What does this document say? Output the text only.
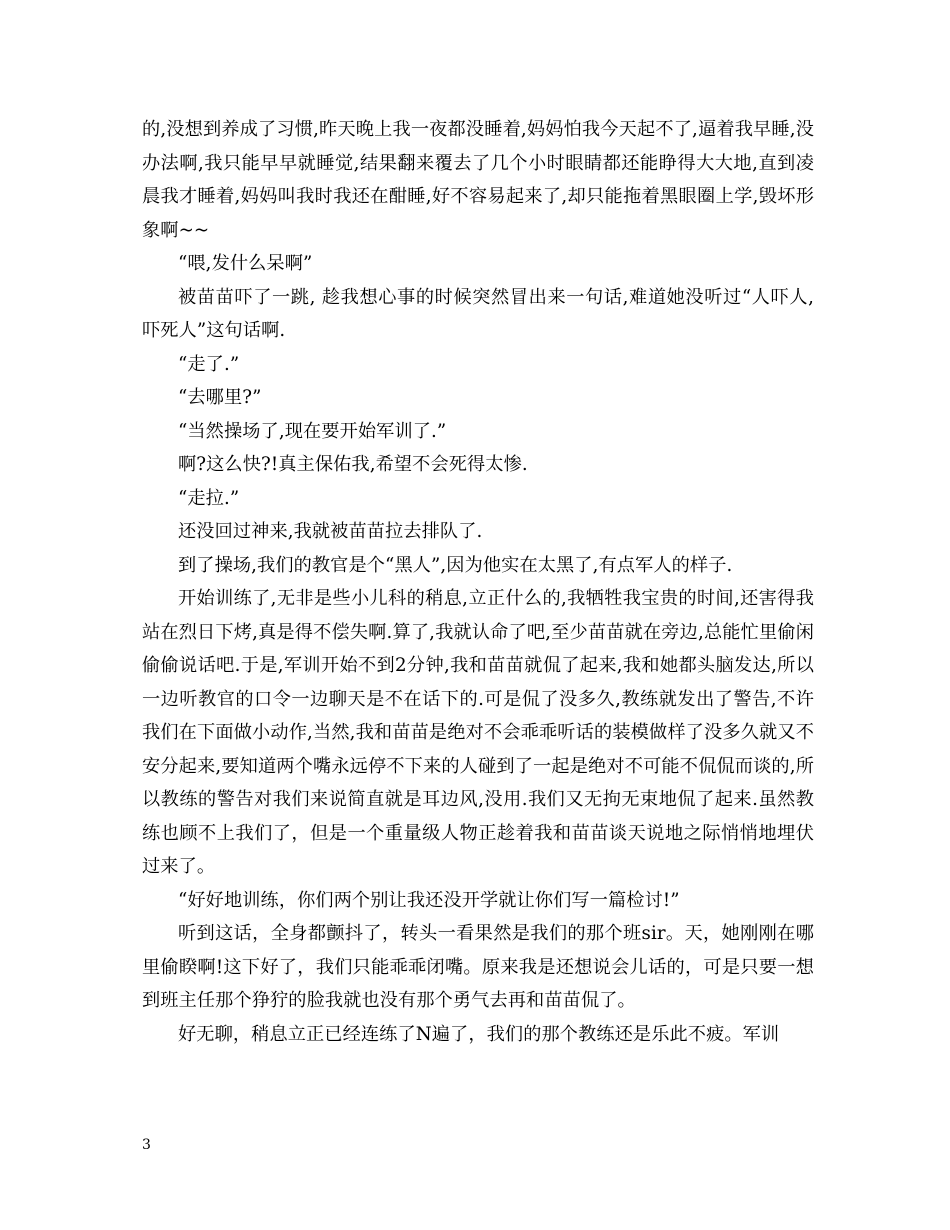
的,没想到养成了习惯,昨天晚上我一夜都没睡着,妈妈怕我今天起不了,逼着我早睡,没办法啊,我只能早早就睡觉,结果翻来覆去了几个小时眼睛都还能睁得大大地,直到凌晨我才睡着,妈妈叫我时我还在酣睡,好不容易起来了,却只能拖着黑眼圈上学,毁坏形象啊~~

“喂,发什么呆啊”

被苗苗吓了一跳, 趁我想心事的时候突然冒出来一句话,难道她没听过“人吓人,吓死人”这句话啊.

“走了.”

“去哪里?”

“当然操场了,现在要开始军训了.”

啊?这么快?!真主保佑我,希望不会死得太惨.

“走拉.”

还没回过神来,我就被苗苗拉去排队了.

到了操场,我们的教官是个“黑人”,因为他实在太黑了,有点军人的样子.

开始训练了,无非是些小儿科的稍息,立正什么的,我牺牲我宝贵的时间,还害得我站在烈日下烤,真是得不偿失啊.算了,我就认命了吧,至少苗苗就在旁边,总能忙里偷闲偷偷说话吧.于是,军训开始不到2分钟,我和苗苗就侃了起来,我和她都头脑发达,所以一边听教官的口令一边聊天是不在话下的.可是侃了没多久,教练就发出了警告,不许我们在下面做小动作,当然,我和苗苗是绝对不会乖乖听话的装模做样了没多久就又不安分起来,要知道两个嘴永远停不下来的人碰到了一起是绝对不可能不侃侃而谈的,所以教练的警告对我们来说简直就是耳边风,没用.我们又无拘无束地侃了起来.虽然教练也顾不上我们了，但是一个重量级人物正趁着我和苗苗谈天说地之际悄悄地埋伏过来了。

“好好地训练，你们两个别让我还没开学就让你们写一篇检讨!”

听到这话，全身都颤抖了，转头一看果然是我们的那个班sir。天，她刚刚在哪里偷睽啊!这下好了，我们只能乖乖闭嘴。原来我是还想说会儿话的，可是只要一想到班主任那个狰狞的脸我就也没有那个勇气去再和苗苗侃了。

好无聊，稍息立正已经连练了N遍了，我们的那个教练还是乐此不疲。军训

3
